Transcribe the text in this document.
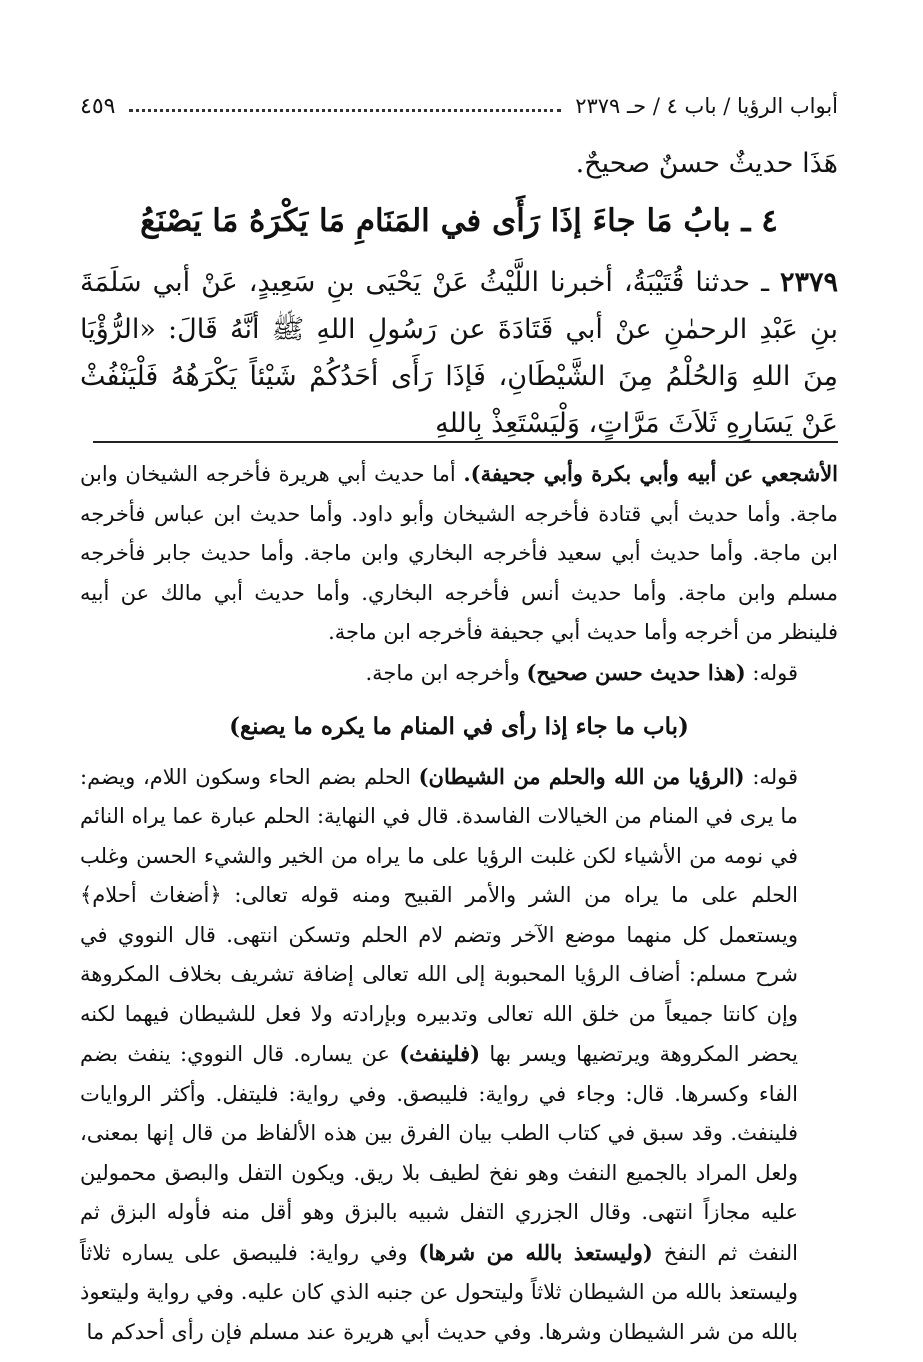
أبواب الرؤيا / باب ٤ / حـ ٢٣٧٩
٤٥٩

هَذَا حديثٌ حسنٌ صحيحٌ.

٤ ـ بابُ مَا جاءَ إذَا رَأَى في المَنَامِ مَا يَكْرَهُ مَا يَصْنَعُ

٢٣٧٩ ـ حدثنا قُتَيْبَةُ، أخبرنا اللَّيْثُ عَنْ يَحْيَى بنِ سَعِيدٍ، عَنْ أبي سَلَمَةَ بنِ عَبْدِ الرحمٰنِ عنْ أبي قَتَادَةَ عن رَسُولِ اللهِ ﷺ أنَّهُ قَالَ: «الرُّؤْيَا مِنَ اللهِ وَالحُلْمُ مِنَ الشَّيْطَانِ، فَإذَا رَأَى أحَدُكُمْ شَيْئاً يَكْرَهُهُ فَلْيَنْفُثْ عَنْ يَسَارِهِ ثَلاَثَ مَرَّاتٍ، وَلْيَسْتَعِذْ بِاللهِ

الأشجعي عن أبيه وأبي بكرة وأبي جحيفة). أما حديث أبي هريرة فأخرجه الشيخان وابن ماجة. وأما حديث أبي قتادة فأخرجه الشيخان وأبو داود. وأما حديث ابن عباس فأخرجه ابن ماجة. وأما حديث أبي سعيد فأخرجه البخاري وابن ماجة. وأما حديث جابر فأخرجه مسلم وابن ماجة. وأما حديث أنس فأخرجه البخاري. وأما حديث أبي مالك عن أبيه فلينظر من أخرجه وأما حديث أبي جحيفة فأخرجه ابن ماجة.

قوله: (هذا حديث حسن صحيح) وأخرجه ابن ماجة.

(باب ما جاء إذا رأى في المنام ما يكره ما يصنع)

قوله: (الرؤيا من الله والحلم من الشيطان) الحلم بضم الحاء وسكون اللام، ويضم: ما يرى في المنام من الخيالات الفاسدة. قال في النهاية: الحلم عبارة عما يراه النائم في نومه من الأشياء لكن غلبت الرؤيا على ما يراه من الخير والشيء الحسن وغلب الحلم على ما يراه من الشر والأمر القبيح ومنه قوله تعالى: ﴿أضغاث أحلام﴾ ويستعمل كل منهما موضع الآخر وتضم لام الحلم وتسكن انتهى. قال النووي في شرح مسلم: أضاف الرؤيا المحبوبة إلى الله تعالى إضافة تشريف بخلاف المكروهة وإن كانتا جميعاً من خلق الله تعالى وتدبيره وبإرادته ولا فعل للشيطان فيهما لكنه يحضر المكروهة ويرتضيها ويسر بها (فلينفث) عن يساره. قال النووي: ينفث بضم الفاء وكسرها. قال: وجاء في رواية: فليبصق. وفي رواية: فليتفل. وأكثر الروايات فلينفث. وقد سبق في كتاب الطب بيان الفرق بين هذه الألفاظ من قال إنها بمعنى، ولعل المراد بالجميع النفث وهو نفخ لطيف بلا ريق. ويكون التفل والبصق محمولين عليه مجازاً انتهى. وقال الجزري التفل شبيه بالبزق وهو أقل منه فأوله البزق ثم النفث ثم النفخ (وليستعذ بالله من شرها) وفي رواية: فليبصق على يساره ثلاثاً وليستعذ بالله من الشيطان ثلاثاً وليتحول عن جنبه الذي كان عليه. وفي رواية وليتعوذ بالله من شر الشيطان وشرها. وفي حديث أبي هريرة عند مسلم فإن رأى أحدكم ما
